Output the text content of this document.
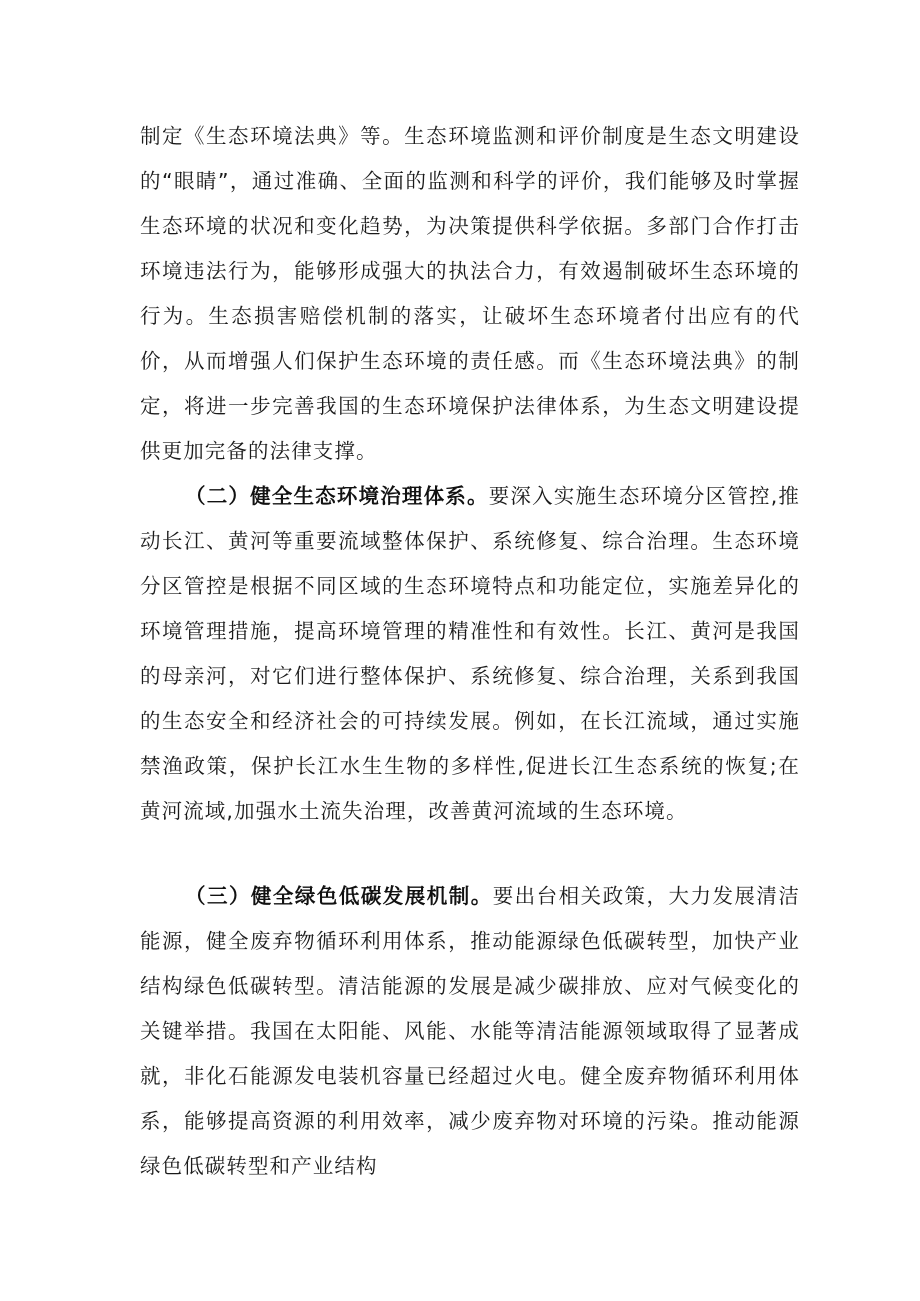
制定《生态环境法典》等。生态环境监测和评价制度是生态文明建设的“眼睛”，通过准确、全面的监测和科学的评价，我们能够及时掌握生态环境的状况和变化趋势，为决策提供科学依据。多部门合作打击环境违法行为，能够形成强大的执法合力，有效遏制破坏生态环境的行为。生态损害赔偿机制的落实，让破坏生态环境者付出应有的代价，从而增强人们保护生态环境的责任感。而《生态环境法典》的制定，将进一步完善我国的生态环境保护法律体系，为生态文明建设提供更加完备的法律支撑。

（二）健全生态环境治理体系。要深入实施生态环境分区管控,推动长江、黄河等重要流域整体保护、系统修复、综合治理。生态环境分区管控是根据不同区域的生态环境特点和功能定位，实施差异化的环境管理措施，提高环境管理的精准性和有效性。长江、黄河是我国的母亲河，对它们进行整体保护、系统修复、综合治理，关系到我国的生态安全和经济社会的可持续发展。例如，在长江流域，通过实施禁渔政策，保护长江水生生物的多样性,促进长江生态系统的恢复;在黄河流域,加强水土流失治理，改善黄河流域的生态环境。

（三）健全绿色低碳发展机制。要出台相关政策，大力发展清洁能源，健全废弃物循环利用体系，推动能源绿色低碳转型，加快产业结构绿色低碳转型。清洁能源的发展是减少碳排放、应对气候变化的关键举措。我国在太阳能、风能、水能等清洁能源领域取得了显著成就，非化石能源发电装机容量已经超过火电。健全废弃物循环利用体系，能够提高资源的利用效率，减少废弃物对环境的污染。推动能源绿色低碳转型和产业结构
